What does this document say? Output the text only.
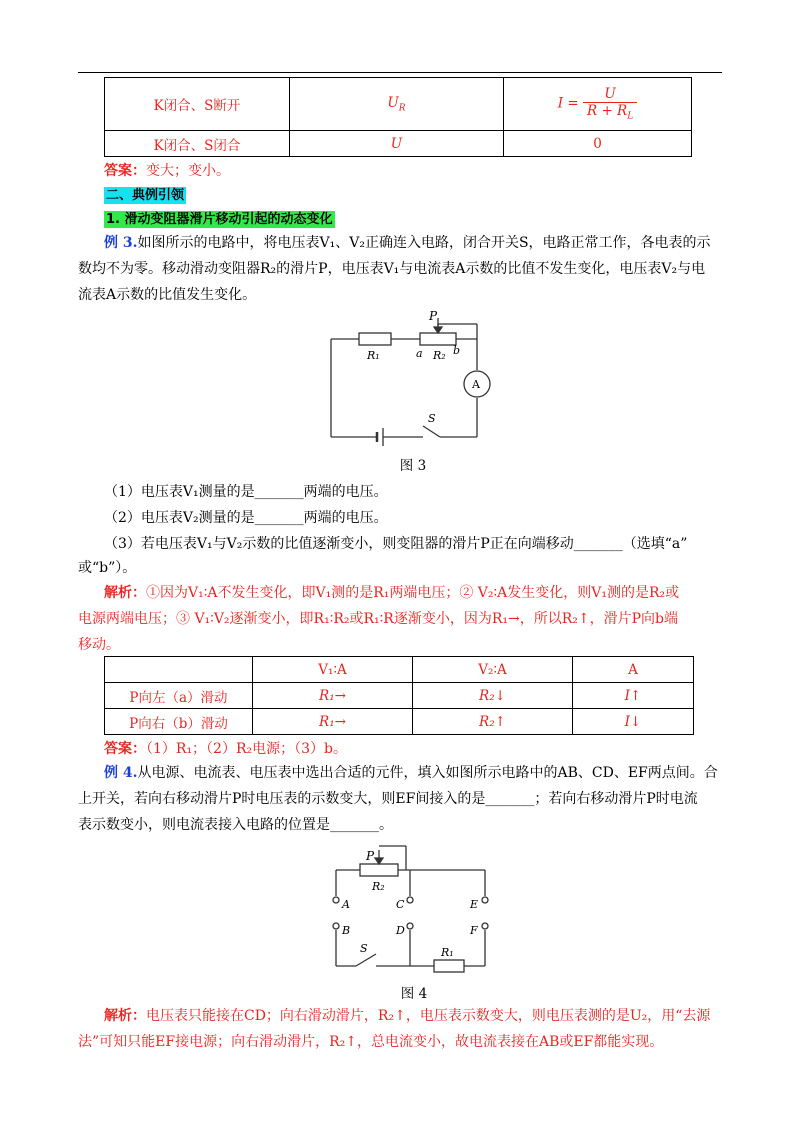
K闭合、S断开	$U_R$	$I = \frac{U}{R + R_L}$

K闭合、S闭合	U	0
答案：变大；变小。
二、典例引领
1. 滑动变阻器滑片移动引起的动态变化
例 3.如图所示的电路中，将电压表V₁、V₂正确连入电路，闭合开关S，电路正常工作，各电表的示
数均不为零。移动滑动变阻器R₂的滑片P，电压表V₁与电流表A示数的比值不发生变化，电压表V₂与电
流表A示数的比值发生变化。
P
R₁	a R₂ b
A
S
图 3
（1）电压表V₁测量的是_______两端的电压。
（2）电压表V₂测量的是_______两端的电压。
（3）若电压表V₁与V₂示数的比值逐渐变小，则变阻器的滑片P正在向端移动_______（选填“a”
或“b”）。
解析：①因为V₁∶A不发生变化，即V₁测的是R₁两端电压；② V₂∶A发生变化，则V₁测的是R₂或
电源两端电压；③ V₁∶V₂逐渐变小，即R₁∶R₂或R₁∶R逐渐变小，因为R₁→，所以R₂↑，滑片P向b端
移动。
	V₁∶A	V₂∶A	A
P向左（a）滑动	R₁→	R₂↓	I↑
P向右（b）滑动	R₁→	R₂↑	I↓
答案：（1）R₁；（2）R₂电源；（3）b。
例 4.从电源、电流表、电压表中选出合适的元件，填入如图所示电路中的AB、CD、EF两点间。合
上开关，若向右移动滑片P时电压表的示数变大，则EF间接入的是_______；若向右移动滑片P时电流
表示数变小，则电流表接入电路的位置是_______。
P
R₂
A
B
C
D
E
F
S	R₁
图 4
解析：电压表只能接在CD；向右滑动滑片，R₂↑，电压表示数变大，则电压表测的是U₂，用“去源
法”可知只能EF接电源；向右滑动滑片，R₂↑，总电流变小，故电流表接在AB或EF都能实现。
